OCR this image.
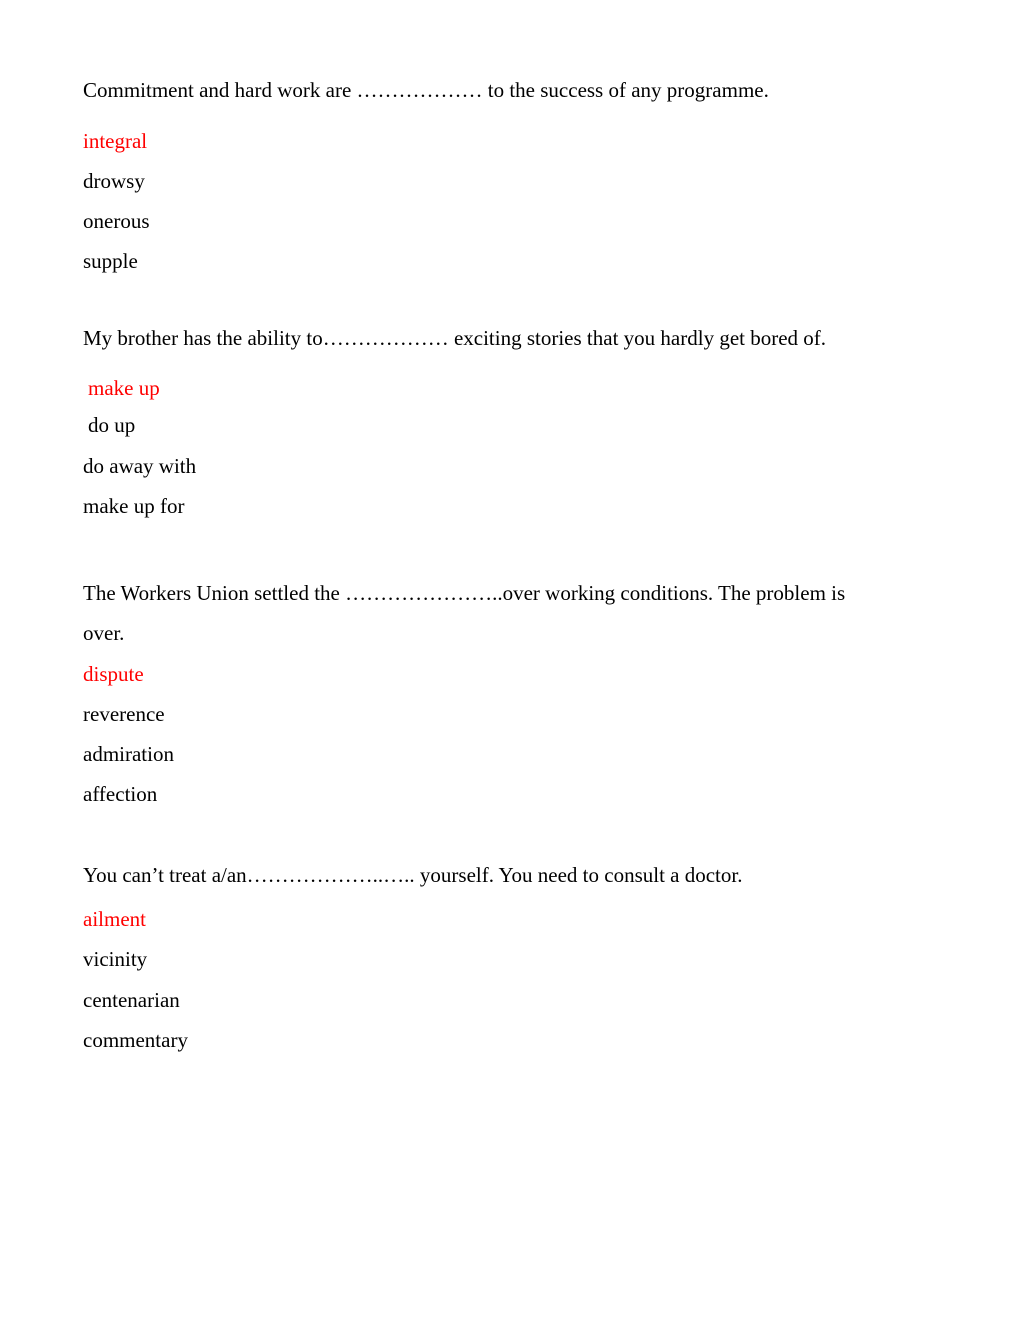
Commitment and hard work are ……………… to the success of any programme.
integral
drowsy
onerous
supple
My brother has the ability to……………… exciting stories that you hardly get bored of.
make up
do up
do away with
make up for
The Workers Union settled the …………………..over working conditions. The problem is
over.
dispute
reverence
admiration
affection
You can’t treat a/an………………..….. yourself. You need to consult a doctor.
ailment
vicinity
centenarian
commentary
